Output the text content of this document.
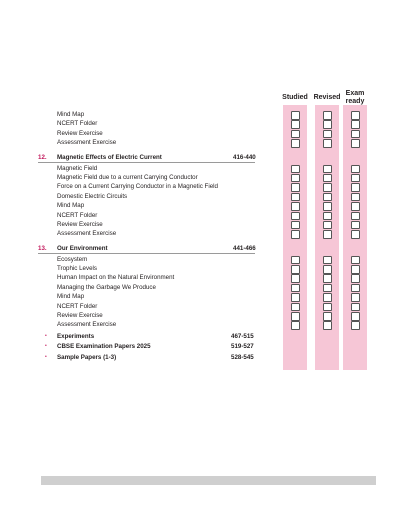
Studied Revised
Exam ready
Mind Map
NCERT Folder
Review Exercise
Assessment Exercise
12.	Magnetic Effects of Electric Current	416-440
Magnetic Field
Magnetic Field due to a current Carrying Conductor
Force on a Current Carrying Conductor in a Magnetic Field
Domestic Electric Circuits
Mind Map
NCERT Folder
Review Exercise
Assessment Exercise
13.	Our Environment	441-466
Ecosystem
Trophic Levels
Human Impact on the Natural Environment
Managing the Garbage We Produce
Mind Map
NCERT Folder
Review Exercise
Assessment Exercise
• Experiments	467-515
• CBSE Examination Papers 2025	519-527
• Sample Papers (1-3)	528-545
